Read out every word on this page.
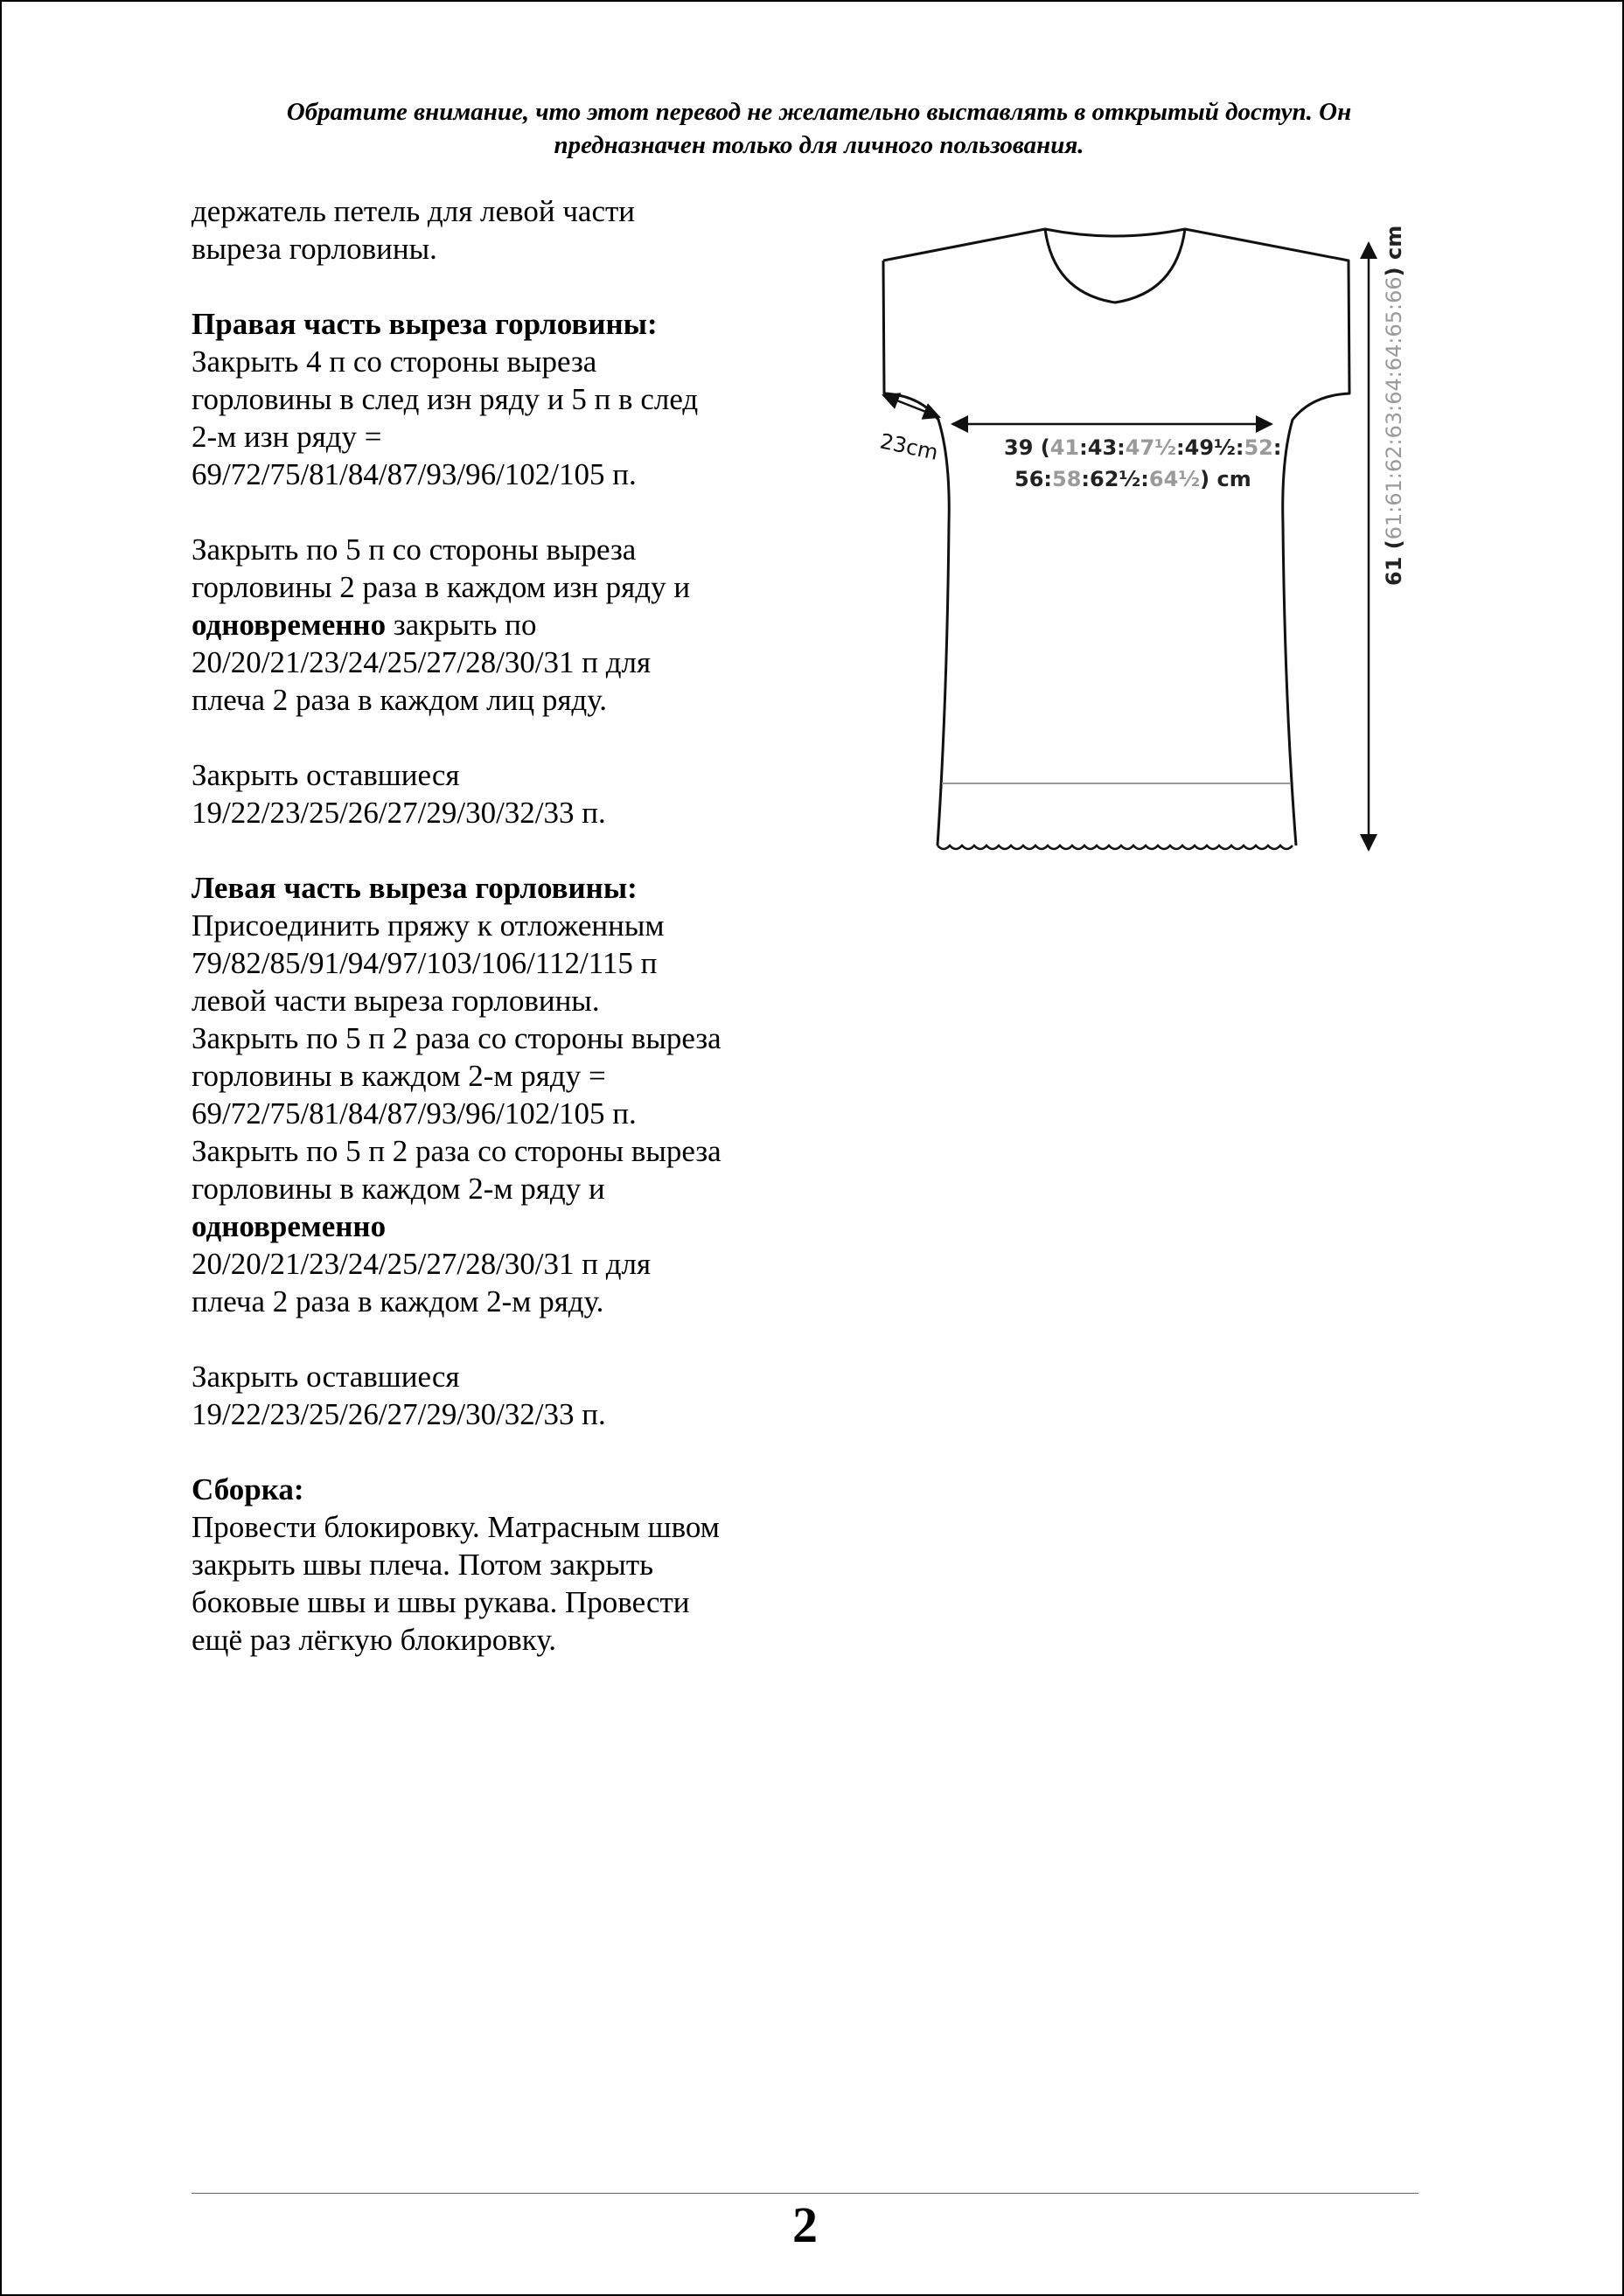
Обратите внимание, что этот перевод не желательно выставлять в открытый доступ. Он

предназначен только для личного пользования.

держатель петель для левой части
выреза горловины.
Правая часть выреза горловины:
Закрыть 4 п со стороны выреза
горловины в след изн ряду и 5 п в след
2-м изн ряду =
69/72/75/81/84/87/93/96/102/105 п.
Закрыть по 5 п со стороны выреза
горловины 2 раза в каждом изн ряду и
одновременно закрыть по
20/20/21/23/24/25/27/28/30/31 п для
плеча 2 раза в каждом лиц ряду.
Закрыть оставшиеся
19/22/23/25/26/27/29/30/32/33 п.
Левая часть выреза горловины:
Присоединить пряжу к отложенным
79/82/85/91/94/97/103/106/112/115 п
левой части выреза горловины.
Закрыть по 5 п 2 раза со стороны выреза
горловины в каждом 2-м ряду =
69/72/75/81/84/87/93/96/102/105 п.
Закрыть по 5 п 2 раза со стороны выреза
горловины в каждом 2-м ряду и
одновременно
20/20/21/23/24/25/27/28/30/31 п для
плеча 2 раза в каждом 2-м ряду.
Закрыть оставшиеся
19/22/23/25/26/27/29/30/32/33 п.
Сборка:
Провести блокировку. Матрасным швом
закрыть швы плеча. Потом закрыть
боковые швы и швы рукава. Провести
ещё раз лёгкую блокировку.
23cm	39 (41:43:47½:49½:52:
56:58:62½:64½) cm
61 (61:61:62:63:64:64:65:66) cm
2
